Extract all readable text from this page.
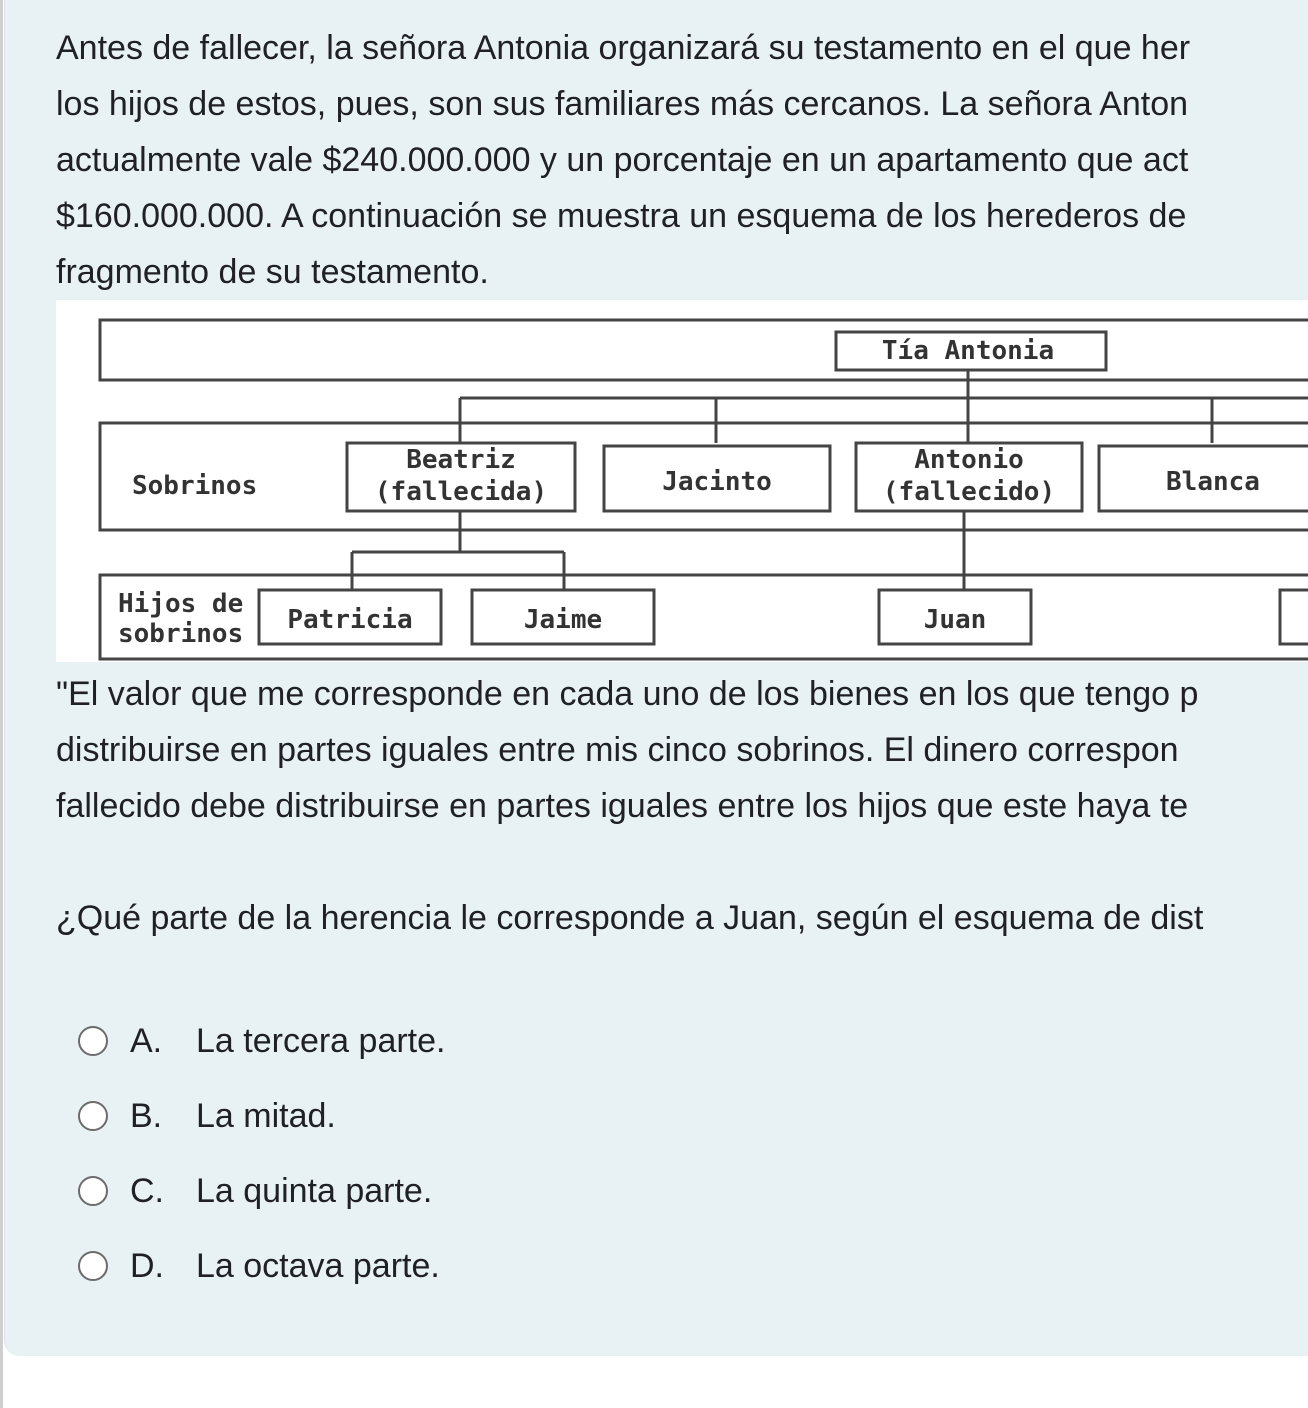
Antes de fallecer, la señora Antonia organizará su testamento en el que her
los hijos de estos, pues, son sus familiares más cercanos. La señora Anton
actualmente vale $240.000.000 y un porcentaje en un apartamento que act
$160.000.000. A continuación se muestra un esquema de los herederos de
fragmento de su testamento.
Tía Antonia
Sobrinos
Beatriz
(fallecida)	Jacinto
Antonio
(fallecido)	Blanca
Hijos de
sobrinos Patricia	Jaime	Juan
"El valor que me corresponde en cada uno de los bienes en los que tengo p
distribuirse en partes iguales entre mis cinco sobrinos. El dinero correspon
fallecido debe distribuirse en partes iguales entre los hijos que este haya te
¿Qué parte de la herencia le corresponde a Juan, según el esquema de dist
A. La tercera parte.
B. La mitad.
C. La quinta parte.
D. La octava parte.
